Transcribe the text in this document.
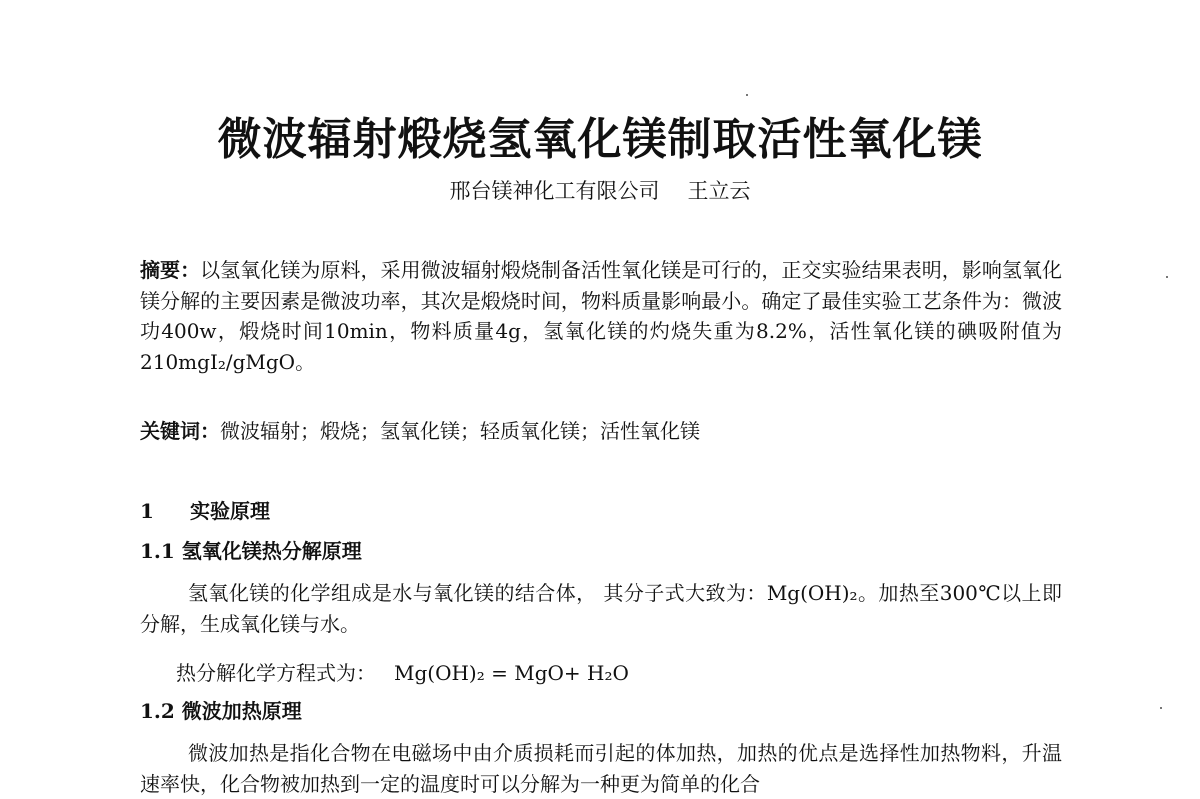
微波辐射煅烧氢氧化镁制取活性氧化镁
邢台镁神化工有限公司 王立云
摘要：以氢氧化镁为原料，采用微波辐射煅烧制备活性氧化镁是可行的，正交实验结果表明，影响氢氧化镁分解的主要因素是微波功率，其次是煅烧时间，物料质量影响最小。确定了最佳实验工艺条件为：微波功400w，煅烧时间10min，物料质量4g，氢氧化镁的灼烧失重为8.2%，活性氧化镁的碘吸附值为210mgI₂/gMgO。
关键词：微波辐射；煅烧；氢氧化镁；轻质氧化镁；活性氧化镁
1 实验原理
1.1 氢氧化镁热分解原理
氢氧化镁的化学组成是水与氧化镁的结合体， 其分子式大致为：Mg(OH)₂。加热至300℃以上即分解，生成氧化镁与水。
热分解化学方程式为： Mg(OH)₂ = MgO+ H₂O
1.2 微波加热原理
微波加热是指化合物在电磁场中由介质损耗而引起的体加热，加热的优点是选择性加热物料，升温速率快，化合物被加热到一定的温度时可以分解为一种更为简单的化合
